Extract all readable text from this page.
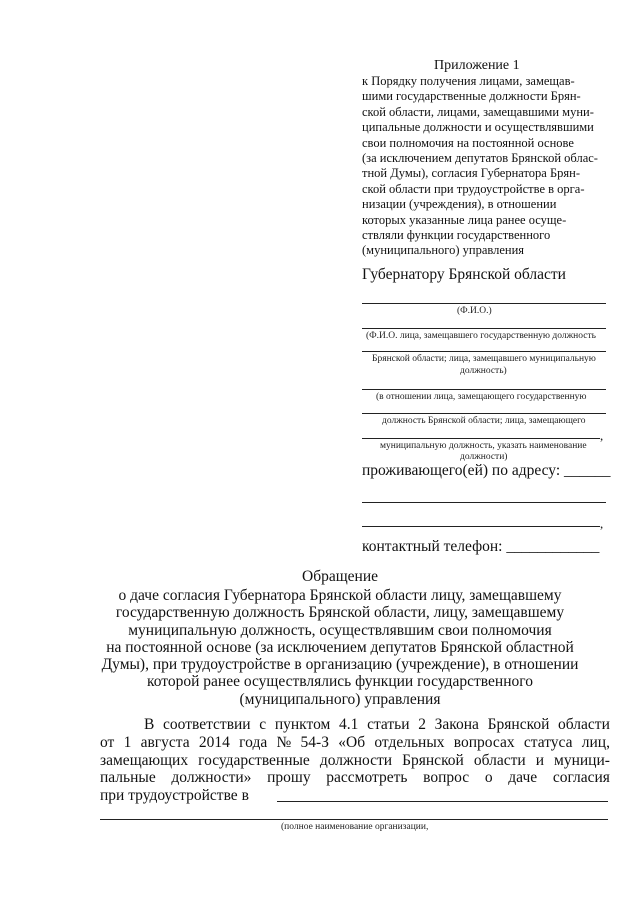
Приложение 1
к Порядку получения лицами, замещав-
шими государственные должности Брян-
ской области, лицами, замещавшими муни-
ципальные должности и осуществлявшими
свои полномочия на постоянной основе
(за исключением депутатов Брянской облас-
тной Думы), согласия Губернатора Брян-
ской области при трудоустройстве в орга-
низации (учреждения), в отношении
которых указанные лица ранее осуще-
ствляли функции государственного
(муниципального) управления
Губернатору Брянской области
(Ф.И.О.)
(Ф.И.О. лица, замещавшего государственную должность
Брянской области; лица, замещавшего муниципальную
должность)
(в отношении лица, замещающего государственную
должность Брянской области; лица, замещающего
,
муниципальную должность, указать наименование
должности)
проживающего(ей) по адресу: ______
,
контактный телефон: ____________
Обращение
о даче согласия Губернатора Брянской области лицу, замещавшему
государственную должность Брянской области, лицу, замещавшему
муниципальную должность, осуществлявшим свои полномочия
на постоянной основе (за исключением депутатов Брянской областной
Думы), при трудоустройстве в организацию (учреждение), в отношении
которой ранее осуществлялись функции государственного
(муниципального) управления
В соответствии с пунктом 4.1 статьи 2 Закона Брянской области
от 1 августа 2014 года № 54-З «Об отдельных вопросах статуса лиц,
замещающих государственные должности Брянской области и муници-
пальные должности» прошу рассмотреть вопрос о даче согласия
при трудоустройстве в
(полное наименование организации,
